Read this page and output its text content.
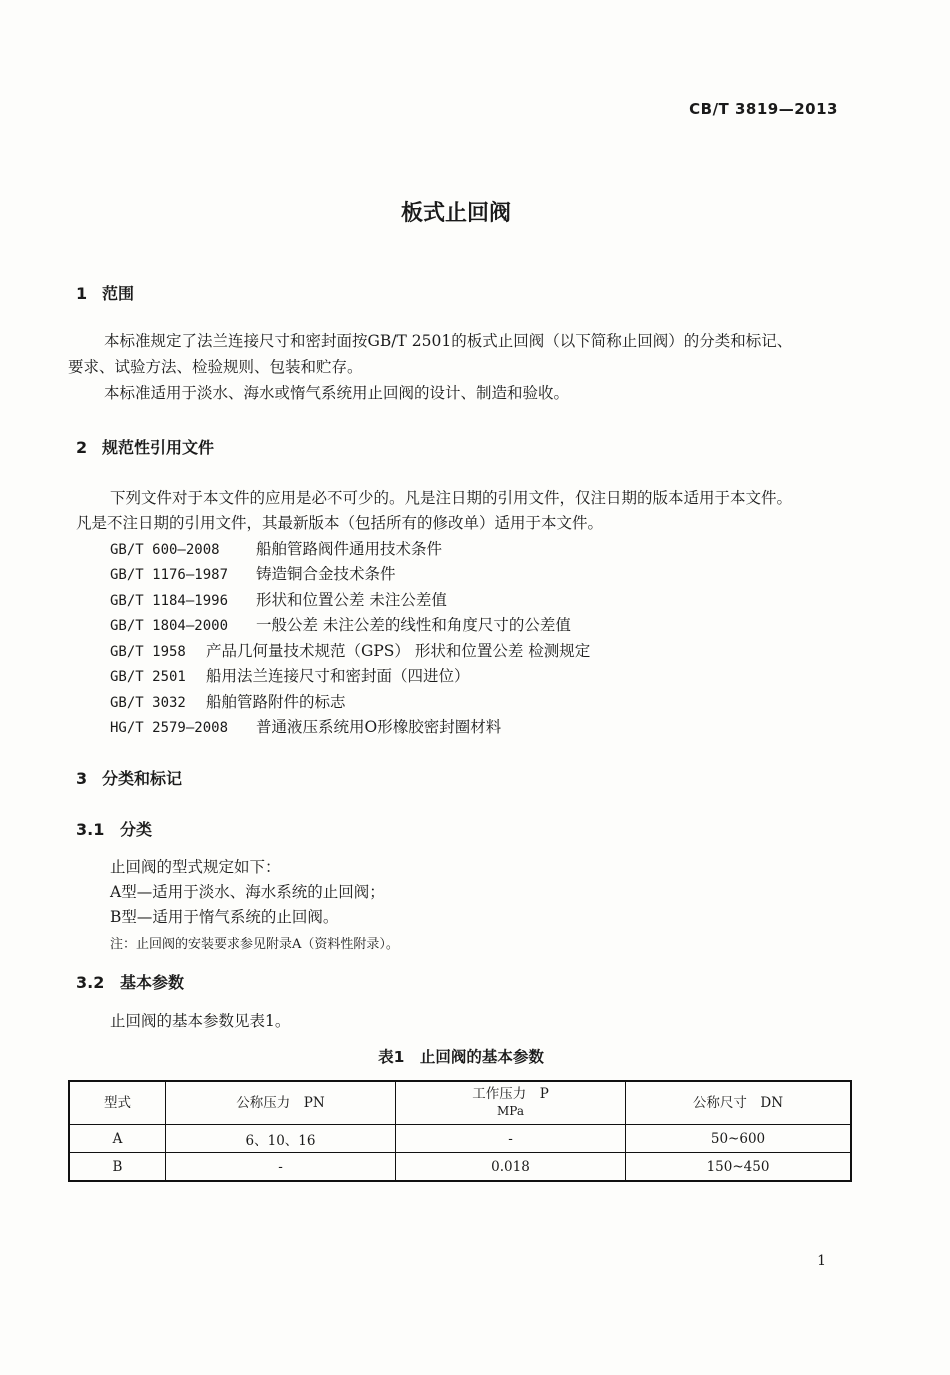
CB/T 3819—2013
板式止回阀
1 范围
本标准规定了法兰连接尺寸和密封面按GB/T 2501的板式止回阀（以下简称止回阀）的分类和标记、
要求、试验方法、检验规则、包装和贮存。
本标准适用于淡水、海水或惰气系统用止回阀的设计、制造和验收。
2 规范性引用文件
下列文件对于本文件的应用是必不可少的。凡是注日期的引用文件，仅注日期的版本适用于本文件。
凡是不注日期的引用文件，其最新版本（包括所有的修改单）适用于本文件。
GB/T 600—2008 船舶管路阀件通用技术条件
GB/T 1176—1987 铸造铜合金技术条件
GB/T 1184—1996 形状和位置公差 未注公差值
GB/T 1804—2000 一般公差 未注公差的线性和角度尺寸的公差值
GB/T 1958 产品几何量技术规范（GPS） 形状和位置公差 检测规定
GB/T 2501 船用法兰连接尺寸和密封面（四进位）
GB/T 3032 船舶管路附件的标志
HG/T 2579—2008 普通液压系统用O形橡胶密封圈材料
3 分类和标记
3.1 分类
止回阀的型式规定如下：
A型—适用于淡水、海水系统的止回阀；
B型—适用于惰气系统的止回阀。
注：止回阀的安装要求参见附录A（资料性附录）。
3.2 基本参数
止回阀的基本参数见表1。
表1　止回阀的基本参数
型式	公称压力　PN	工作压力　P
MPa	公称尺寸　DN
A	6、10、16	-	50~600
B	-	0.018	150~450
1
